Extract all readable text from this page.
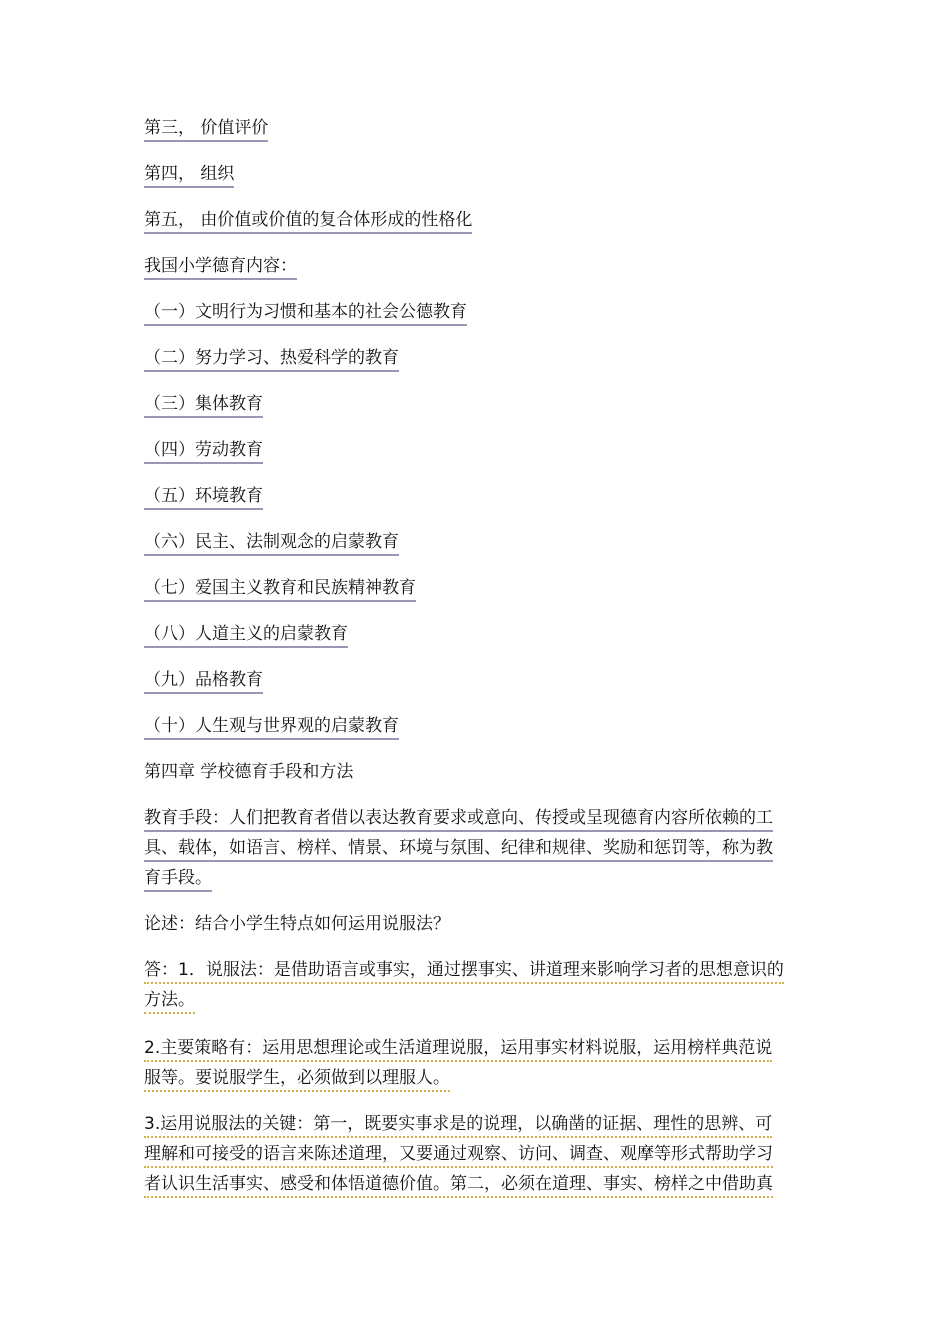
第三， 价值评价
第四， 组织
第五， 由价值或价值的复合体形成的性格化
我国小学德育内容：
（一）文明行为习惯和基本的社会公德教育
（二）努力学习、热爱科学的教育
（三）集体教育
（四）劳动教育
（五）环境教育
（六）民主、法制观念的启蒙教育
（七）爱国主义教育和民族精神教育
（八）人道主义的启蒙教育
（九）品格教育
（十）人生观与世界观的启蒙教育
第四章 学校德育手段和方法
教育手段：人们把教育者借以表达教育要求或意向、传授或呈现德育内容所依赖的工
具、载体，如语言、榜样、情景、环境与氛围、纪律和规律、奖励和惩罚等，称为教
育手段。
论述：结合小学生特点如何运用说服法？
答：1．说服法：是借助语言或事实，通过摆事实、讲道理来影响学习者的思想意识的
方法。
2.主要策略有：运用思想理论或生活道理说服，运用事实材料说服，运用榜样典范说
服等。要说服学生，必须做到以理服人。
3.运用说服法的关键：第一，既要实事求是的说理，以确凿的证据、理性的思辨、可
理解和可接受的语言来陈述道理，又要通过观察、访问、调查、观摩等形式帮助学习
者认识生活事实、感受和体悟道德价值。第二，必须在道理、事实、榜样之中借助真
